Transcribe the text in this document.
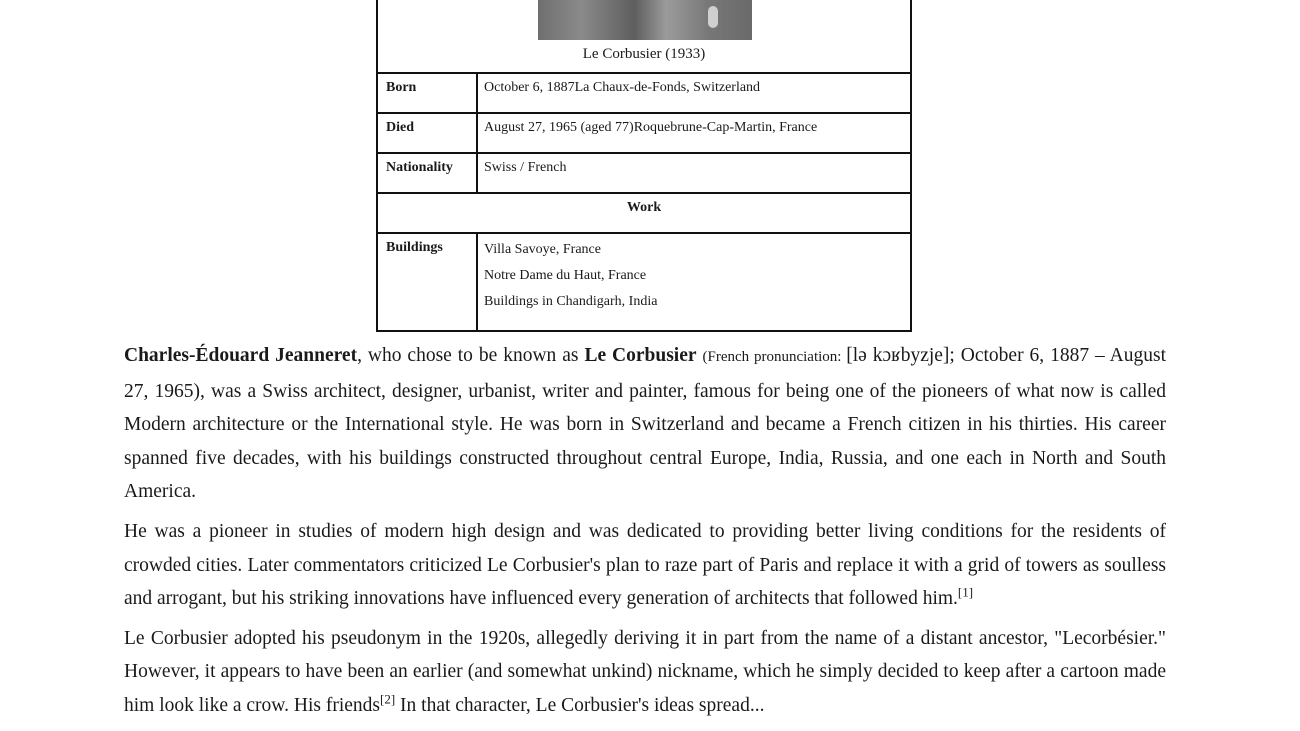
Le Corbusier (1933)
Born	October 6, 1887La Chaux-de-Fonds, Switzerland
Died	August 27, 1965 (aged 77)Roquebrune-Cap-Martin, France
Nationality	Swiss / French
Work
Buildings	Villa Savoye, France
Notre Dame du Haut, France
Buildings in Chandigarh, India

Charles-Édouard Jeanneret, who chose to be known as Le Corbusier (French pronunciation: [lə kɔʁbyzje]; October 6, 1887 – August 27, 1965), was a Swiss architect, designer, urbanist, writer and painter, famous for being one of the pioneers of what now is called Modern architecture or the International style. He was born in Switzerland and became a French citizen in his thirties. His career spanned five decades, with his buildings constructed throughout central Europe, India, Russia, and one each in North and South America.

He was a pioneer in studies of modern high design and was dedicated to providing better living conditions for the residents of crowded cities. Later commentators criticized Le Corbusier's plan to raze part of Paris and replace it with a grid of towers as soulless and arrogant, but his striking innovations have influenced every generation of architects that followed him.[1]

Le Corbusier adopted his pseudonym in the 1920s, allegedly deriving it in part from the name of a distant ancestor, "Lecorbésier." However, it appears to have been an earlier (and somewhat unkind) nickname, which he simply decided to keep after a cartoon made him look like a crow. His friends[2] In that character, Le Corbusier's ideas spread...
